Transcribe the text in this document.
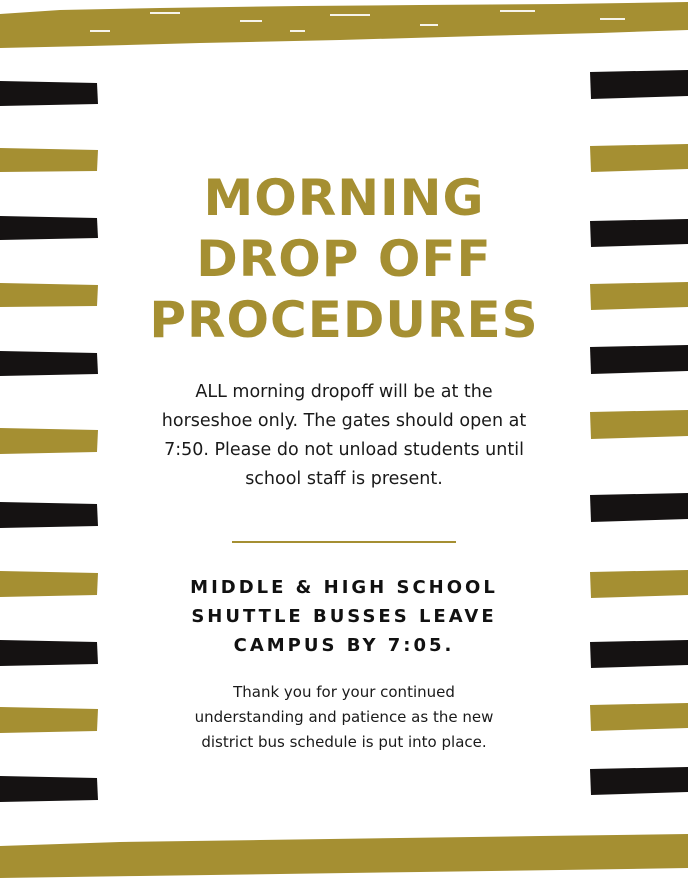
MORNING
DROP OFF
PROCEDURES

ALL morning dropoff will be at the horseshoe only. The gates should open at 7:50. Please do not unload students until school staff is present.

MIDDLE & HIGH SCHOOL
SHUTTLE BUSSES LEAVE
CAMPUS BY 7:05.

Thank you for your continued understanding and patience as the new district bus schedule is put into place.
